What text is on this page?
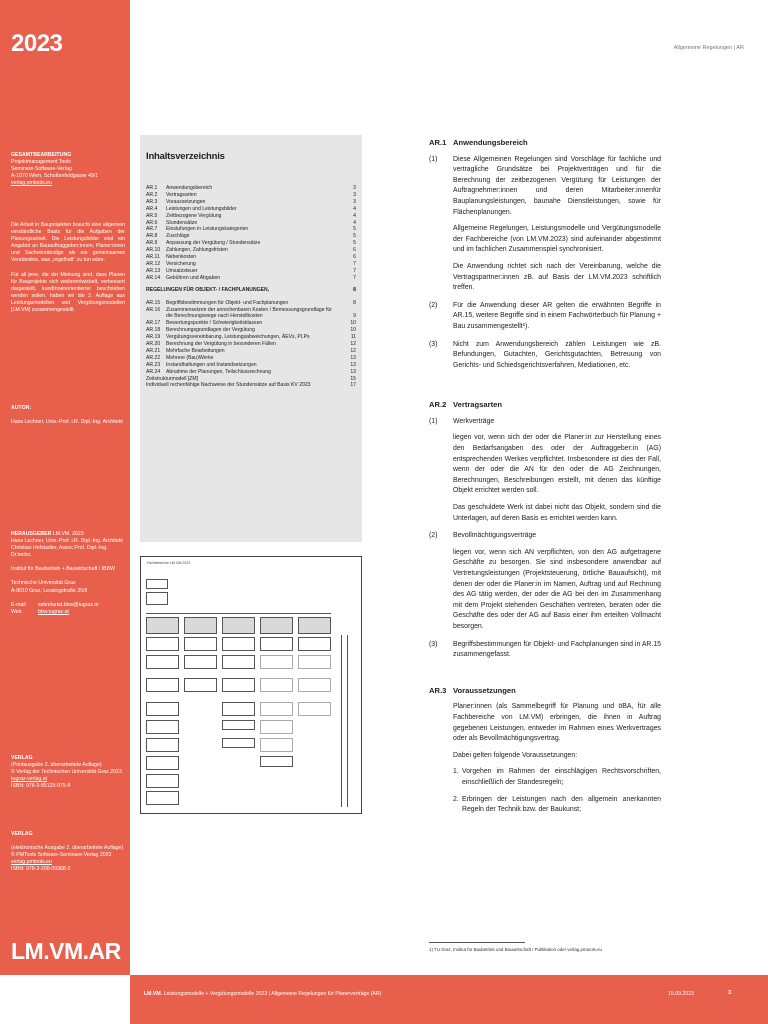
2023

GESAMTBEARBEITUNG

Projektmanagement Tools

Seminare-Software-Verlag

A-1070 Wien, Schottenfeldgasse 49/1

verlag.pmtools.eu

Die Arbeit in Bauprojekten braucht eine allgemein verständliche Basis für die Aufgaben der Planungsarbeit. Die Leistungsbilder sind ein Angebot an Bauauftraggeber:innen, Planer:innen und Sachverständige als ein gemeinsames Verständnis, was „regelhaft“ zu tun wäre.

Für all jene, die der Meinung sind, dass Planen für Bauprojekte sich weiterentwickelt, verbessert dargestellt, kundInnenorientierter beschrieben werden sollen, haben wir die 2. Auflage aus Leistungsmodellen und Vergütungsmodellen [LM.VM] zusammengestellt.

AUTOR:

Hans Lechner, Univ.-Prof. i.R. Dipl.-Ing. Architekt

HERAUSGEBER LM.VM. 2023

Hans Lechner, Univ.-Prof. i.R. Dipl.-Ing. Architekt

Christian Hofstadler, Assoc.Prof. Dipl.-Ing. Dr.techn.

Institut für Baubetrieb + Bauwirtschaft / IBBW

Technische Universität Graz

A-8010 Graz, Lessingstraße 25/II

E-mail	sekretariat.bbw@tugraz.at
Web	bbw.tugraz.at

VERLAG

(Printausgabe 2. überarbeitete Auflage)

© Verlag der Technischen Universität Graz 2023

tugraz-verlag.at

ISBN: 978-3-85125-975-9

VERLAG

(elektronische Ausgabe 2. überarbeitete Auflage)

© PMTools Software-Seminare-Verlag 2023

verlag.pmtools.eu

ISBN: 978-3-200-09368-3

LM.VM.AR
Allgemeine Regelungen | AR
Inhaltsverzeichnis
AR.1	Anwendungsbereich	3
AR.2	Vertragsarten	3
AR.3	Voraussetzungen	3
AR.4	Leistungen und Leistungsbilder	4
AR.5	Zeitbezogene Vergütung	4
AR.6	Stundensätze	4
AR.7	Einstufungen in Leistungskategorien	5
AR.8	Zuschläge	5
AR.9	Anpassung der Vergütung / Stundensätze	5
AR.10	Zahlungen, Zahlungsfristen	6
AR.11	Nebenkosten	6
AR.12	Versicherung	7
AR.13	Umsatzsteuer	7
AR.14	Gebühren und Abgaben	7
REGELUNGEN FÜR OBJEKT- / FACHPLANUNGEN,	8
AR.15	Begriffsbestimmungen für Objekt- und Fachplanungen	8
AR.16	Zusammensetzen der anrechenbaren Kosten / Bemessungsgrundlage für
die Berechnungswege nach Herstellkosten	9
AR.17	Bewertungspunkte / Schwierigkeitsklassen	10
AR.18	Berechnungsgrundlagen der Vergütung	10
AR.19	Vergütungsvereinbarung, Leistungsabweichungen, ÄEVs, PLPs	11
AR.20	Berechnung der Vergütung in besonderen Fällen	12
AR.21	Mehrfache Bearbeitungen	12
AR.22	Mehrere (Bau)Werke	13
AR.23	Instandhaltungen und Instandsetzungen	13
AR.24	Abnahme der Planungen, Teilschlussrechnung	13
Zeitstrukturmodell [ZM]	15
Individuell rechenfähige Nachweise der Stundensätze auf Basis KV 2023	17
Fachbereiche LM.VM.2023
AR.1 Anwendungsbereich
(1)	Diese Allgemeinen Regelungen sind Vorschläge für fachliche und vertragliche Grundsätze bei Projektverträgen und für die Berechnung der zeitbezogenen Vergütung für Leistungen der Auftragnehmer:innen und deren Mitarbeiter:innenfür Bauplanungsleistungen, baunahe Dienstleistungen, sowie für Flächenplanungen.

Allgemeine Regelungen, Leistungsmodelle und Vergütungsmodelle der Fachbereiche (von LM.VM.2023) sind aufeinander abgestimmt und im fachlichen Zusammenspiel synchronisiert.

Die Anwendung richtet sich nach der Vereinbarung, welche die Vertragspartner:innen zB. auf Basis der LM.VM.2023 schriftlich treffen.

(2)	Für die Anwendung dieser AR gelten die erwähnten Begriffe in AR.15, weitere Begriffe sind in einem Fachwörterbuch für Planung + Bau zusammengestellt¹).

(3)	Nicht zum Anwendungsbereich zählen Leistungen wie zB. Befundungen, Gutachten, Gerichtsgutachten, Betreuung von Gerichts- und Schiedsgerichtsverfahren, Mediationen, etc.

AR.2 Vertragsarten
(1)	Werkverträge

liegen vor, wenn sich der oder die Planer:in zur Herstellung eines den Bedarfsangaben des oder der Auftraggeber:in (AG) entsprechenden Werkes verpflichtet. Insbesondere ist dies der Fall, wenn der oder die AN für den oder die AG Zeichnungen, Berechnungen, Beschreibungen erstellt, mit denen das künftige Objekt errichtet werden soll.

Das geschuldete Werk ist dabei nicht das Objekt, sondern sind die Unterlagen, auf deren Basis es errichtet werden kann.

(2)	Bevollmächtigungsverträge

liegen vor, wenn sich AN verpflichten, von den AG aufgetragene Geschäfte zu besorgen. Sie sind insbesondere anwendbar auf Vertretungsleistungen (Projektsteuerung, örtliche Bauaufsicht), mit denen der oder die Planer:in im Namen, Auftrag und auf Rechnung des AG tätig werden, der oder die AG bei den im Zusammenhang mit dem Projekt stehenden Geschäften vertreten, beraten oder die Geschäfte des oder der AG auf Basis einer ihm erteilten Vollmacht besorgen.

(3)	Begriffsbestimmungen für Objekt- und Fachplanungen sind in AR.15 zusammengefasst.

AR.3 Voraussetzungen

Planer:innen (als Sammelbegriff für Planung und öBA, für alle Fachbereiche von LM.VM) erbringen, die ihnen in Auftrag gegebenen Leistungen, entweder im Rahmen eines Werkvertrages oder als Bevollmächtigungsvertrag.

Dabei gelten folgende Voraussetzungen:

1. Vorgehen im Rahmen der einschlägigen Rechtsvorschriften, einschließlich der Standesregeln;
2. Erbringen der Leistungen nach den allgemein anerkannten Regeln der Technik bzw. der Baukunst;
1) TU Graz, Institut für Baubetrieb und Bauwirtschaft / Publikation oder verlag.pmtools.eu
LM.VM. Leistungsmodelle + Vergütungsmodelle 2023 | Allgemeine Regelungen für Planerverträge (AR)	15.09.2023	3
